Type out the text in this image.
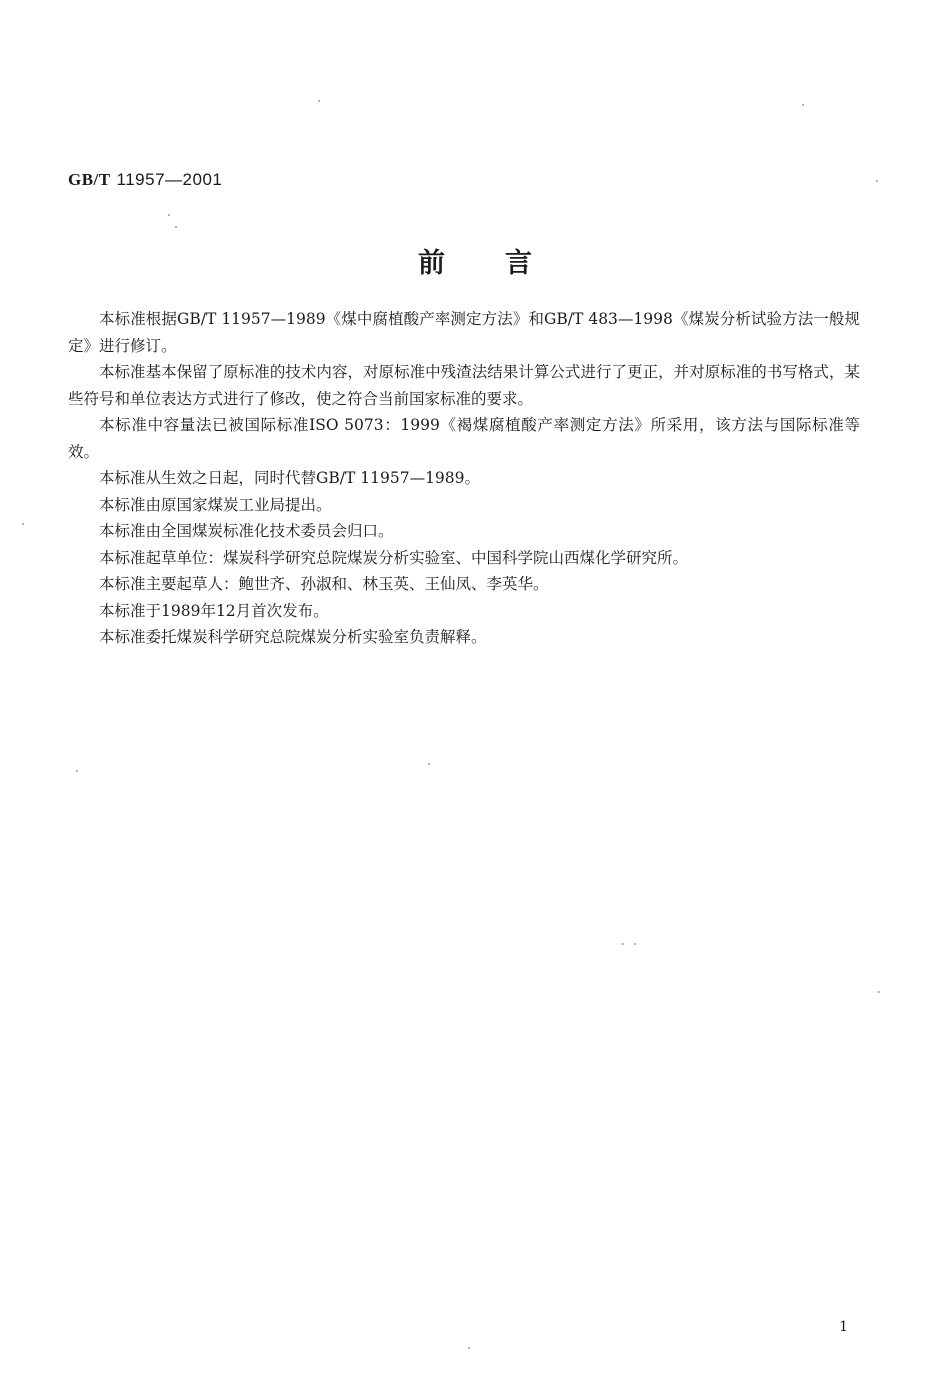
GB/T 11957—2001
前言

本标准根据GB/T 11957—1989《煤中腐植酸产率测定方法》和GB/T 483—1998《煤炭分析试验方法一般规定》进行修订。

本标准基本保留了原标准的技术内容，对原标准中残渣法结果计算公式进行了更正，并对原标准的书写格式，某些符号和单位表达方式进行了修改，使之符合当前国家标准的要求。

本标准中容量法已被国际标准ISO 5073：1999《褐煤腐植酸产率测定方法》所采用，该方法与国际标准等效。

本标准从生效之日起，同时代替GB/T 11957—1989。

本标准由原国家煤炭工业局提出。

本标准由全国煤炭标准化技术委员会归口。

本标准起草单位：煤炭科学研究总院煤炭分析实验室、中国科学院山西煤化学研究所。

本标准主要起草人：鲍世齐、孙淑和、林玉英、王仙凤、李英华。

本标准于1989年12月首次发布。

本标准委托煤炭科学研究总院煤炭分析实验室负责解释。

1
